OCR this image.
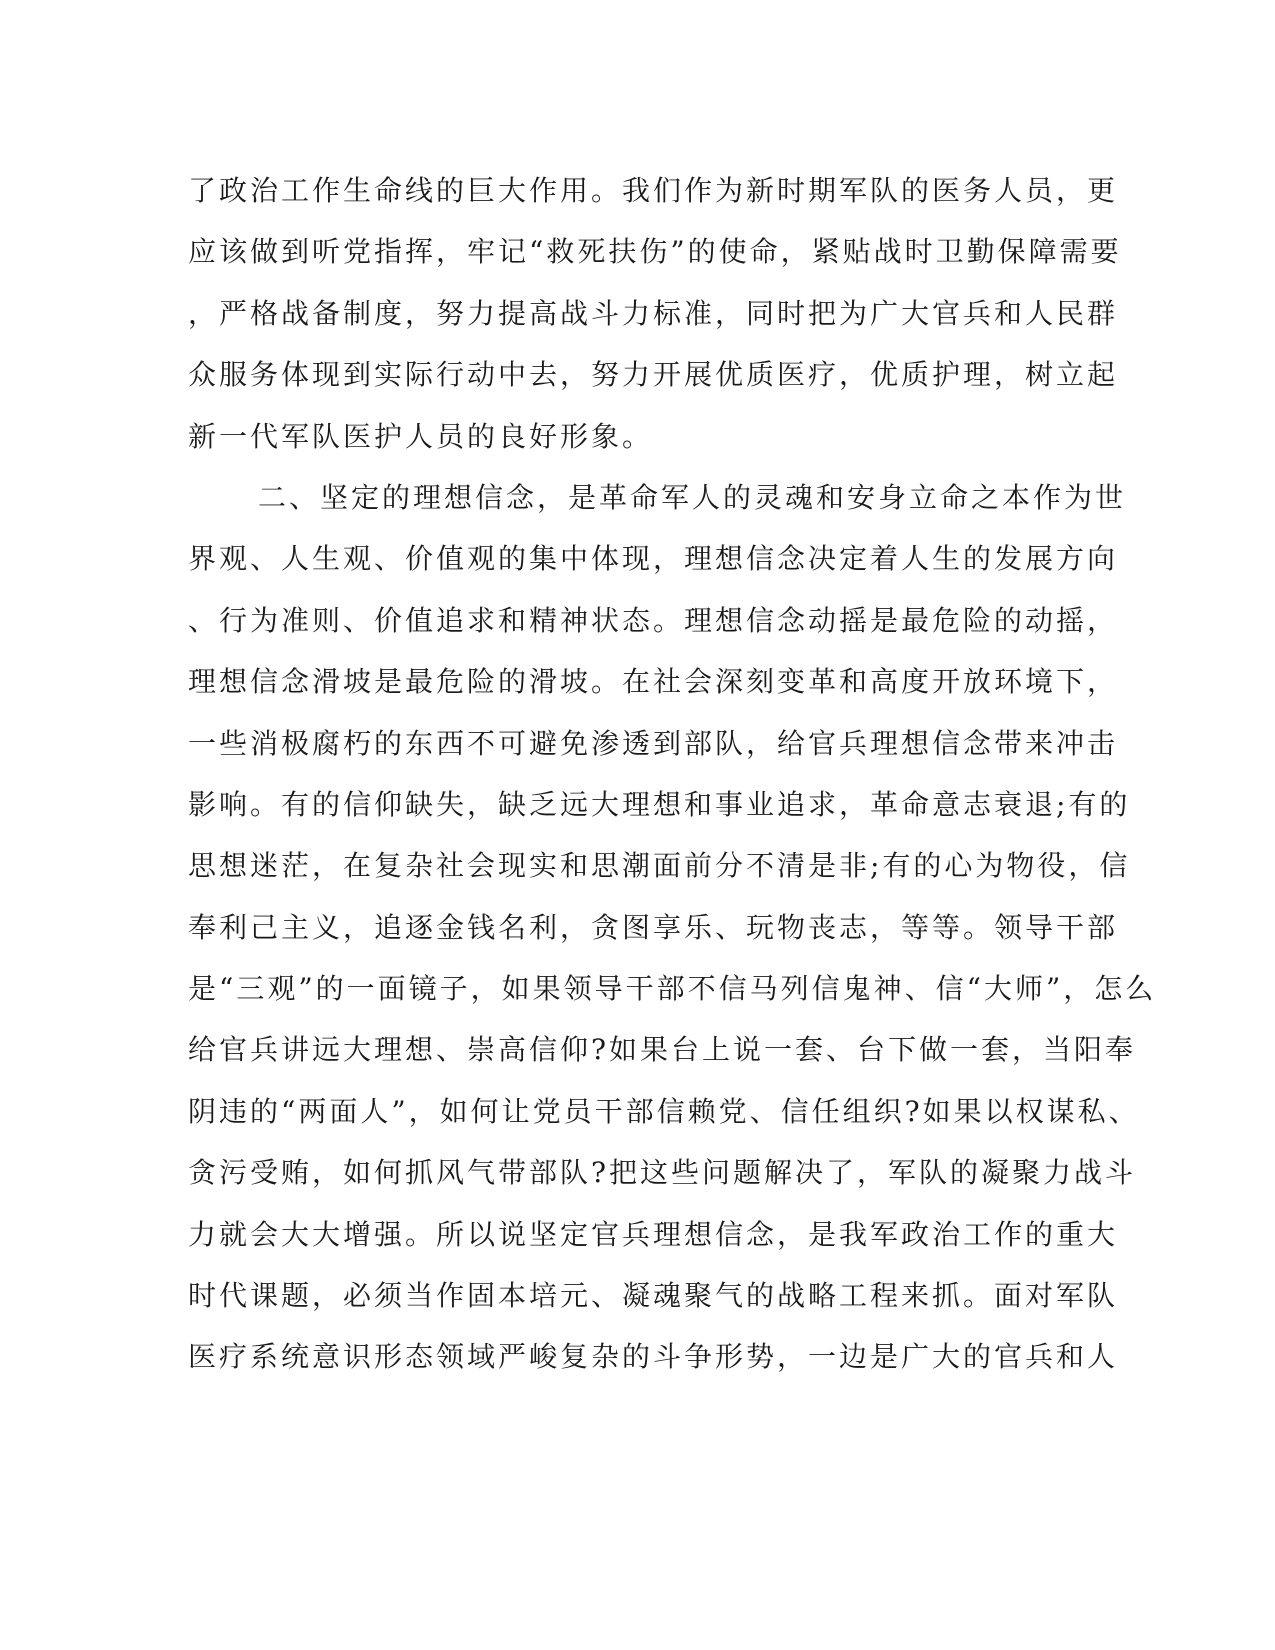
了政治工作生命线的巨大作用。我们作为新时期军队的医务人员，更
应该做到听党指挥，牢记“救死扶伤”的使命，紧贴战时卫勤保障需要
，严格战备制度，努力提高战斗力标准，同时把为广大官兵和人民群
众服务体现到实际行动中去，努力开展优质医疗，优质护理，树立起
新一代军队医护人员的良好形象。
二、坚定的理想信念，是革命军人的灵魂和安身立命之本作为世
界观、人生观、价值观的集中体现，理想信念决定着人生的发展方向
、行为准则、价值追求和精神状态。理想信念动摇是最危险的动摇，
理想信念滑坡是最危险的滑坡。在社会深刻变革和高度开放环境下，
一些消极腐朽的东西不可避免渗透到部队，给官兵理想信念带来冲击
影响。有的信仰缺失，缺乏远大理想和事业追求，革命意志衰退;有的
思想迷茫，在复杂社会现实和思潮面前分不清是非;有的心为物役，信
奉利己主义，追逐金钱名利，贪图享乐、玩物丧志，等等。领导干部
是“三观”的一面镜子，如果领导干部不信马列信鬼神、信“大师”，怎么
给官兵讲远大理想、崇高信仰?如果台上说一套、台下做一套，当阳奉
阴违的“两面人”，如何让党员干部信赖党、信任组织?如果以权谋私、
贪污受贿，如何抓风气带部队?把这些问题解决了，军队的凝聚力战斗
力就会大大增强。所以说坚定官兵理想信念，是我军政治工作的重大
时代课题，必须当作固本培元、凝魂聚气的战略工程来抓。面对军队
医疗系统意识形态领域严峻复杂的斗争形势，一边是广大的官兵和人
